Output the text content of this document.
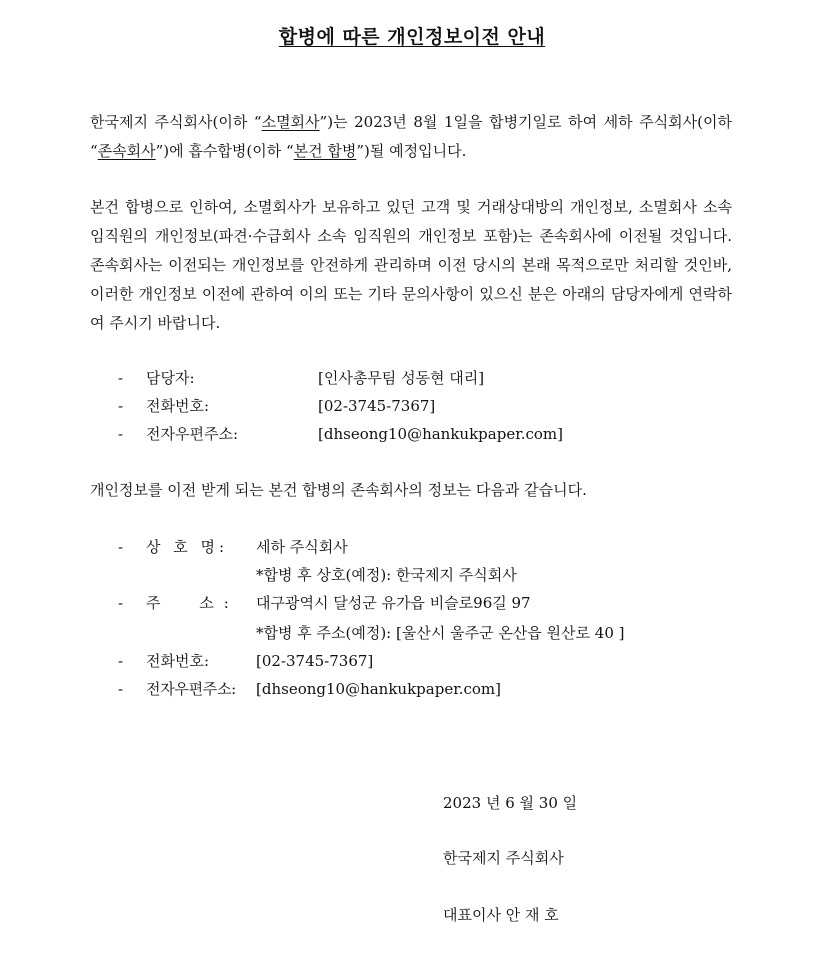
합병에 따른 개인정보이전 안내
한국제지 주식회사(이하 “소멸회사”)는 2023년 8월 1일을 합병기일로 하여 세하 주식회사(이하 “존속회사”)에 흡수합병(이하 “본건 합병”)될 예정입니다.
본건 합병으로 인하여, 소멸회사가 보유하고 있던 고객 및 거래상대방의 개인정보, 소멸회사 소속 임직원의 개인정보(파견·수급회사 소속 임직원의 개인정보 포함)는 존속회사에 이전될 것입니다. 존속회사는 이전되는 개인정보를 안전하게 관리하며 이전 당시의 본래 목적으로만 처리할 것인바, 이러한 개인정보 이전에 관하여 이의 또는 기타 문의사항이 있으신 분은 아래의 담당자에게 연락하여 주시기 바랍니다.
- 담당자:	[인사총무팀 성동현 대리]
- 전화번호:	[02-3745-7367]
- 전자우편주소:	[dhseong10@hankukpaper.com]
개인정보를 이전 받게 되는 본건 합병의 존속회사의 정보는 다음과 같습니다.
- 상 호 명: 세하 주식회사
*합병 후 상호(예정): 한국제지 주식회사
- 주 소: 대구광역시 달성군 유가읍 비슬로96길 97
*합병 후 주소(예정): [울산시 울주군 온산읍 원산로 40 ]
- 전화번호:	[02-3745-7367]
- 전자우편주소: [dhseong10@hankukpaper.com]
2023 년 6 월 30 일
한국제지 주식회사
대표이사 안 재 호
